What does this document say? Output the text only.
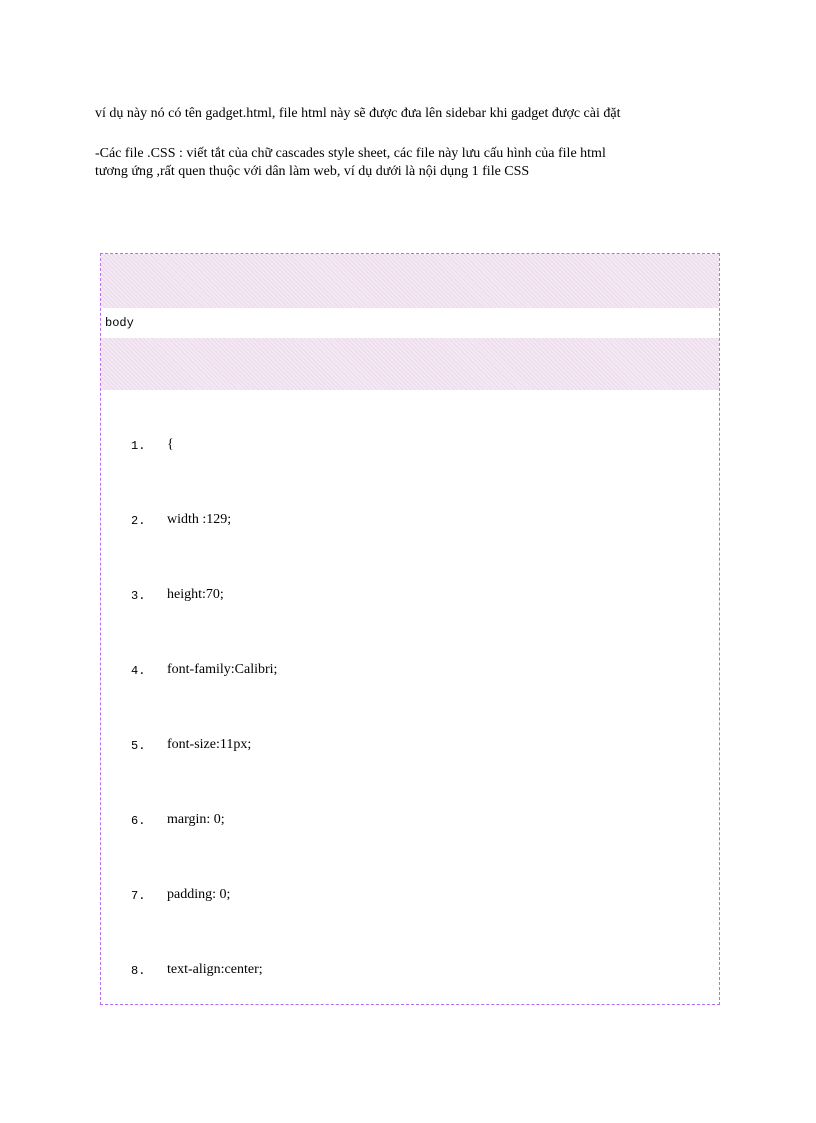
ví dụ này nó có tên gadget.html, file html này sẽ được đưa lên sidebar khi gadget được cài đặt
-Các file .CSS : viết tắt của chữ cascades style sheet, các file này lưu cấu hình của file html
tương ứng ,rất quen thuộc với dân làm web, ví dụ dưới là nội dụng 1 file CSS
body
1. {
2. width :129;
3. height:70;
4. font-family:Calibri;
5. font-size:11px;
6. margin: 0;
7. padding: 0;
8. text-align:center;
